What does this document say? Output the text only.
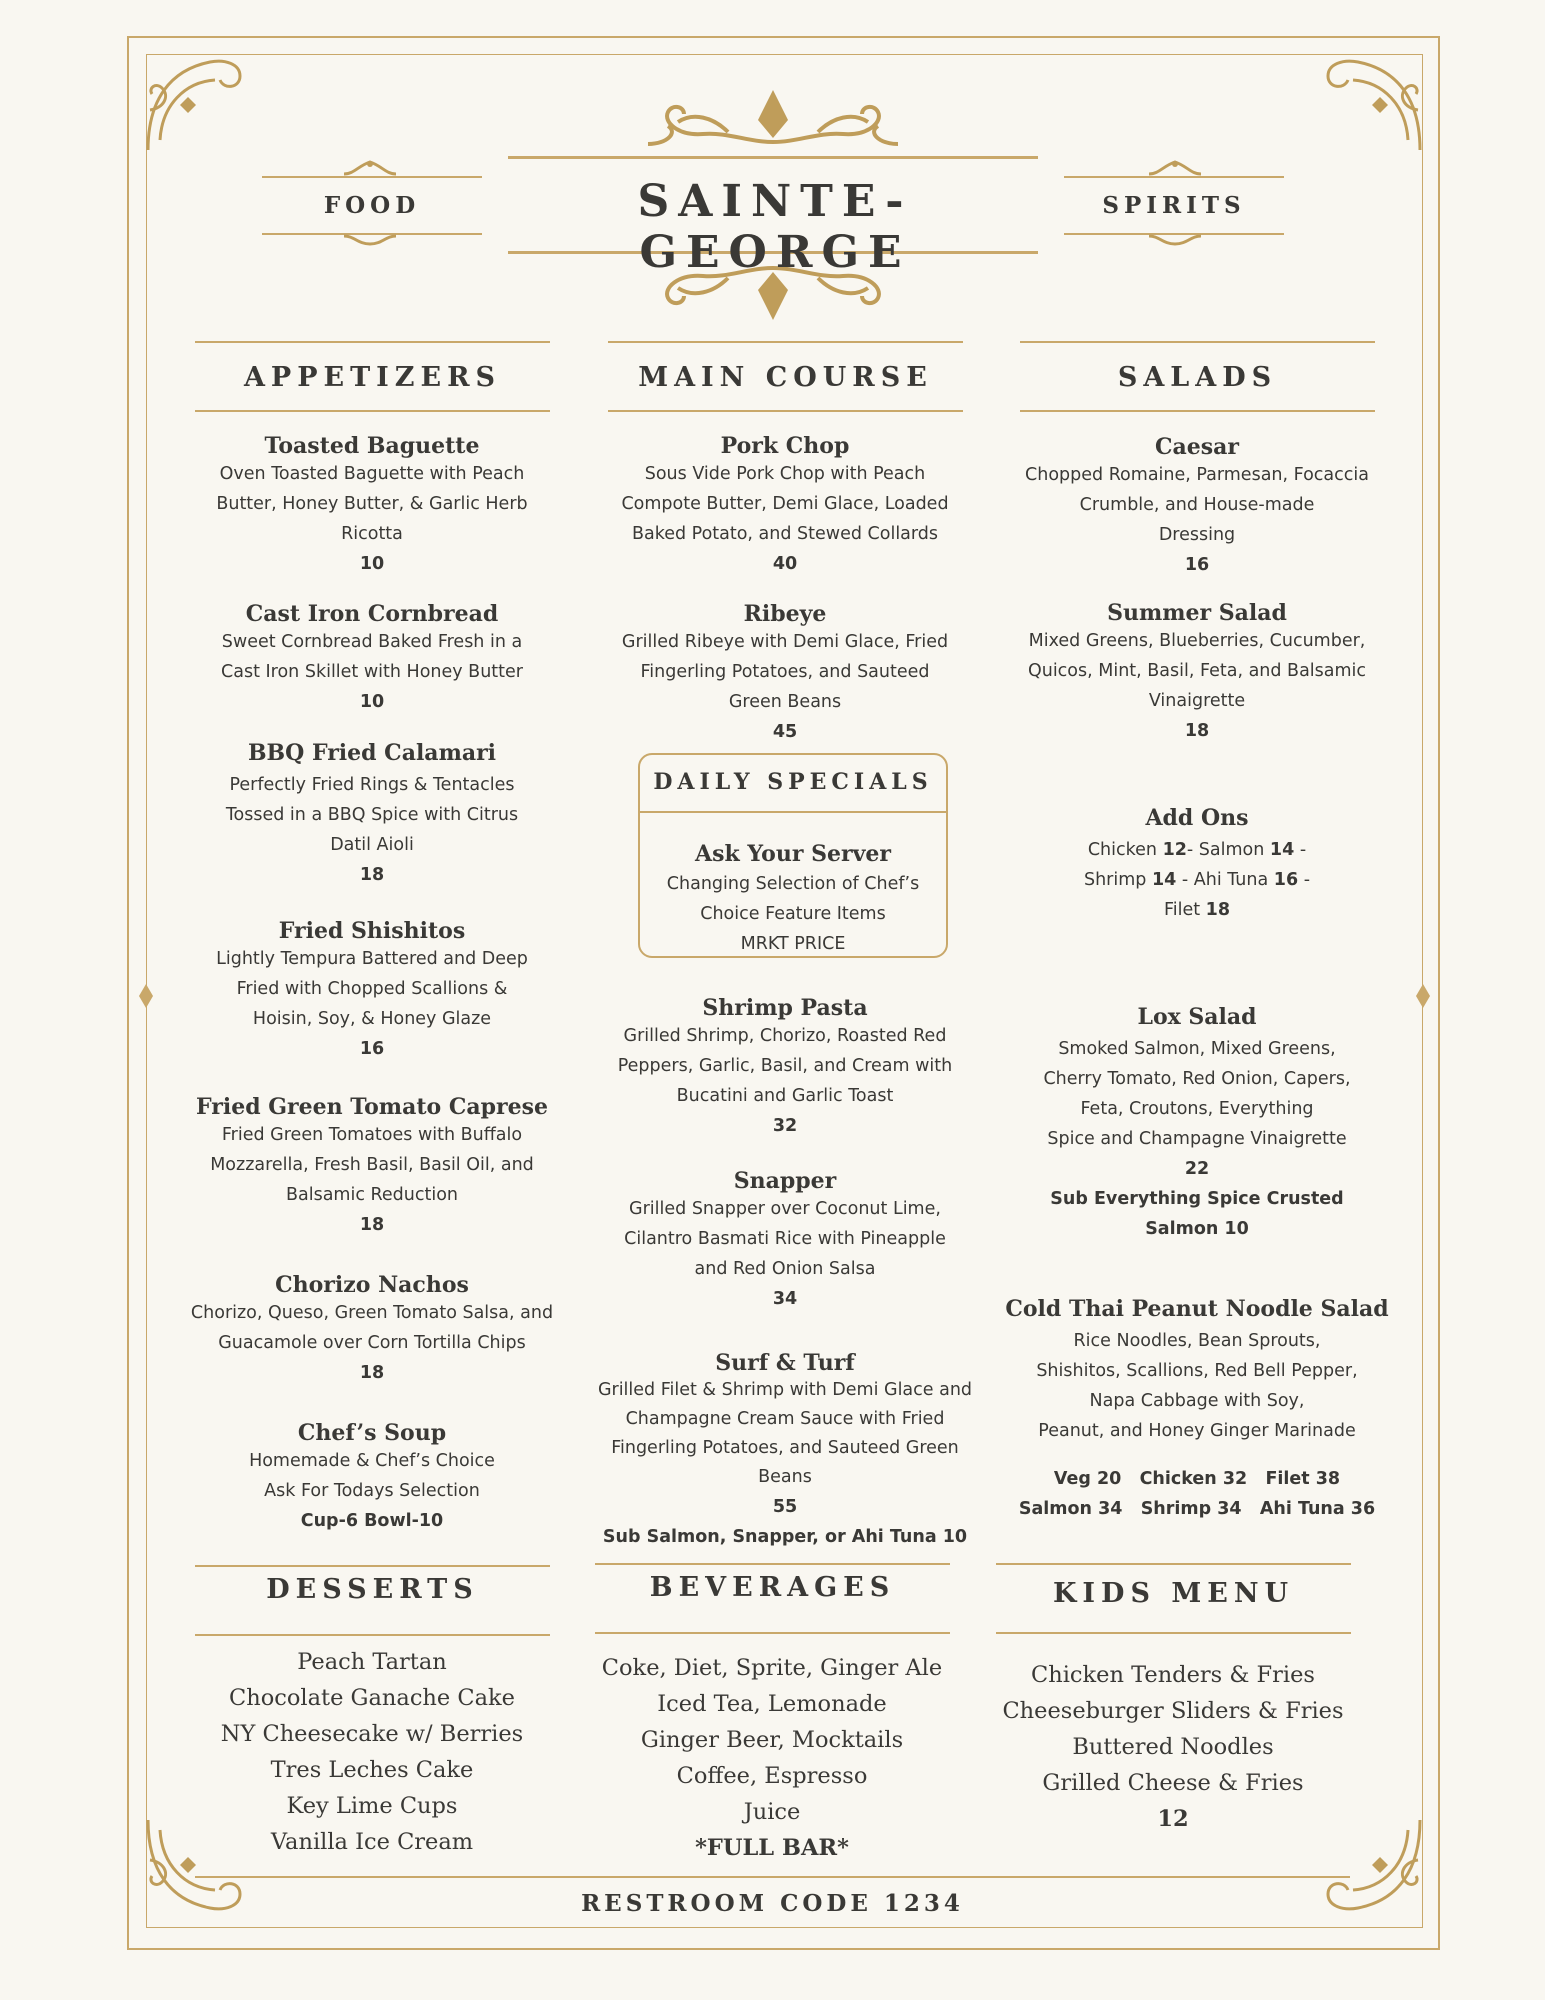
SAINTE-GEORGE
FOOD	SPIRITS
APPETIZERS	MAIN COURSE	SALADS
Toasted Baguette
Oven Toasted Baguette with Peach
Butter, Honey Butter, & Garlic Herb
Ricotta
10
Cast Iron Cornbread
Sweet Cornbread Baked Fresh in a
Cast Iron Skillet with Honey Butter
10
BBQ Fried Calamari
Perfectly Fried Rings & Tentacles
Tossed in a BBQ Spice with Citrus
Datil Aioli
18
Fried Shishitos
Lightly Tempura Battered and Deep
Fried with Chopped Scallions &
Hoisin, Soy, & Honey Glaze
16
Fried Green Tomato Caprese
Fried Green Tomatoes with Buffalo
Mozzarella, Fresh Basil, Basil Oil, and
Balsamic Reduction
18
Chorizo Nachos
Chorizo, Queso, Green Tomato Salsa, and
Guacamole over Corn Tortilla Chips
18
Chef’s Soup
Homemade & Chef’s Choice
Ask For Todays Selection
Cup-6 Bowl-10
Pork Chop
Sous Vide Pork Chop with Peach
Compote Butter, Demi Glace, Loaded
Baked Potato, and Stewed Collards
40
Ribeye
Grilled Ribeye with Demi Glace, Fried
Fingerling Potatoes, and Sauteed
Green Beans
45
Shrimp Pasta
Grilled Shrimp, Chorizo, Roasted Red
Peppers, Garlic, Basil, and Cream with
Bucatini and Garlic Toast
32
Snapper
Grilled Snapper over Coconut Lime,
Cilantro Basmati Rice with Pineapple
and Red Onion Salsa
34
Surf & Turf
Grilled Filet & Shrimp with Demi Glace and
Champagne Cream Sauce with Fried
Fingerling Potatoes, and Sauteed Green
Beans
55
Sub Salmon, Snapper, or Ahi Tuna 10
DAILY SPECIALS
Ask Your Server
Changing Selection of Chef’s
Choice Feature Items
MRKT PRICE
Caesar
Chopped Romaine, Parmesan, Focaccia
Crumble, and House-made
Dressing
16
Summer Salad
Mixed Greens, Blueberries, Cucumber,
Quicos, Mint, Basil, Feta, and Balsamic
Vinaigrette
18
Add Ons
Chicken 12- Salmon 14 -
Shrimp 14 - Ahi Tuna 16 -
Filet 18
Lox Salad
Smoked Salmon, Mixed Greens,
Cherry Tomato, Red Onion, Capers,
Feta, Croutons, Everything
Spice and Champagne Vinaigrette
22
Sub Everything Spice Crusted
Salmon 10
Cold Thai Peanut Noodle Salad
Rice Noodles, Bean Sprouts,
Shishitos, Scallions, Red Bell Pepper,
Napa Cabbage with Soy,
Peanut, and Honey Ginger Marinade
Veg 20   Chicken 32   Filet 38
Salmon 34   Shrimp 34   Ahi Tuna 36
DESSERTS	BEVERAGES	KIDS MENU
Peach Tartan
Chocolate Ganache Cake
NY Cheesecake w/ Berries
Tres Leches Cake
Key Lime Cups
Vanilla Ice Cream
Coke, Diet, Sprite, Ginger Ale
Iced Tea, Lemonade
Ginger Beer, Mocktails
Coffee, Espresso
Juice
*FULL BAR*
Chicken Tenders & Fries
Cheeseburger Sliders & Fries
Buttered Noodles
Grilled Cheese & Fries
12
RESTROOM CODE 1234
